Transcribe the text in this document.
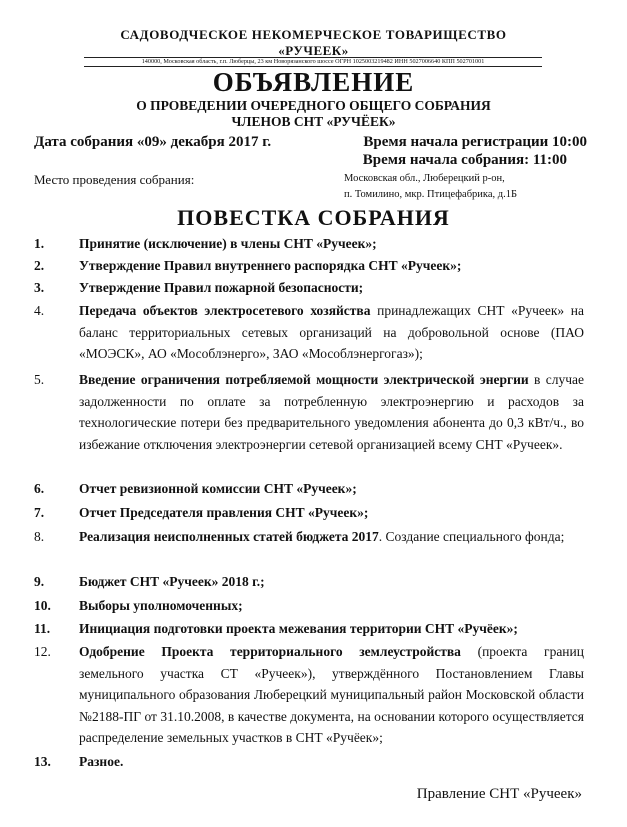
САДОВОДЧЕСКОЕ НЕКОМЕРЧЕСКОЕ ТОВАРИЩЕСТВО
«РУЧЕЕК»
140000, Московская область, г.п. Люберцы, 23 км Новорязанского шоссе ОГРН 1025003219482 ИНН 5027006640 КПП 502701001
ОБЪЯВЛЕНИЕ
О ПРОВЕДЕНИИ ОЧЕРЕДНОГО ОБЩЕГО СОБРАНИЯ
ЧЛЕНОВ СНТ «РУЧЁЕК»
Дата собрания «09» декабря 2017 г.	Время начала регистрации 10:00
Время начала собрания: 11:00
Место проведения собрания:	Московская обл., Люберецкий р-он,
п. Томилино, мкр. Птицефабрика, д.1Б
ПОВЕСТКА СОБРАНИЯ
1.	Принятие (исключение) в члены СНТ «Ручеек»;
2.	Утверждение Правил внутреннего распорядка СНТ «Ручеек»;
3.	Утверждение Правил пожарной безопасности;
4.	Передача объектов электросетевого хозяйства принадлежащих СНТ «Ручеек» на баланс территориальных сетевых организаций на добровольной основе (ПАО «МОЭСК», АО «Мособлэнерго», ЗАО «Мособлэнергогаз»);
5.	Введение ограничения потребляемой мощности электрической энергии в случае задолженности по оплате за потребленную электроэнергию и расходов за технологические потери без предварительного уведомления абонента до 0,3 кВт/ч., во избежание отключения электроэнергии сетевой организацией всему СНТ «Ручеек».
6.	Отчет ревизионной комиссии СНТ «Ручеек»;
7.	Отчет Председателя правления СНТ «Ручеек»;
8.	Реализация неисполненных статей бюджета 2017. Создание специального фонда;
9.	Бюджет СНТ «Ручеек» 2018 г.;
10. Выборы уполномоченных;
11. Инициация подготовки проекта межевания территории СНТ «Ручёек»;
12. Одобрение Проекта территориального землеустройства (проекта границ земельного участка СТ «Ручеек»), утверждённого Постановлением Главы муниципального образования Люберецкий муниципальный район Московской области №2188-ПГ от 31.10.2008, в качестве документа, на основании которого осуществляется распределение земельных участков в СНТ «Ручёек»;
13. Разное.
Правление СНТ «Ручеек»
